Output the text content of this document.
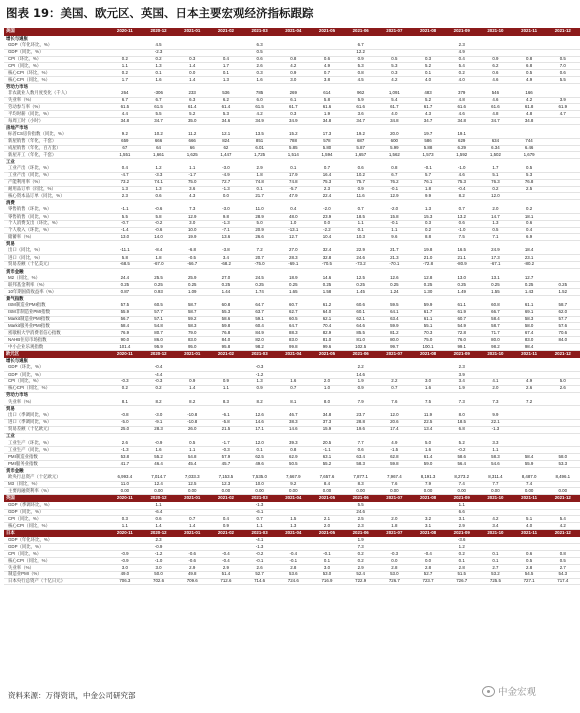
图表 19：美国、欧元区、英国、日本主要宏观经济指标跟踪
美国	2020-11	2020-12	2021-01	2021-02	2021-03	2021-04	2021-05	2021-06	2021-07	2021-08	2021-09	2021-10	2021-11	2021-12
增长与通胀														
GDP（年化环比，%）		4.5			6.3			6.7			2.3			
GDP（同比，%）		-2.3			0.5			12.2			4.9			
CPI（环比，%）	0.2	0.2	0.3	0.4	0.6	0.8	0.6	0.9	0.5	0.3	0.4	0.9	0.8	0.5
CPI（同比，%）	1.1	1.3	1.4	1.7	2.6	4.2	4.9	5.3	5.3	5.2	5.4	6.2	6.8	7.0
核心CPI（环比，%）	0.2	0.1	0.0	0.1	0.3	0.9	0.7	0.8	0.3	0.1	0.2	0.6	0.5	0.6
核心CPI（同比，%）	1.7	1.6	1.4	1.3	1.6	3.0	3.8	4.5	4.2	4.0	4.0	4.6	4.9	5.5
劳动力市场														
非农就业人数月度变化（千人）	264	-306	233	536	785	269	614	962	1,091	483	379	546	166	
失业率（%）	6.7	6.7	6.3	6.2	6.0	6.1	5.8	5.9	5.4	5.2	4.8	4.6	4.2	3.9
劳动参与率（%）	61.5	61.5	61.4	61.4	61.5	61.7	61.6	61.6	61.7	61.7	61.6	61.6	61.8	61.9
平均时薪（同比，%）	4.4	5.5	5.2	5.3	4.2	0.3	1.9	3.6	4.0	4.3	4.6	4.8	4.8	4.7
每周工时（小时）	34.8	34.7	35.0	34.6	34.9	34.9	34.8	34.7	34.8	34.7	34.8	34.7	34.8	
房地产市场														
标普CS房价指数（同比，%）	9.2	10.2	11.2	12.1	13.5	15.2	17.3	19.2	20.0	19.7	19.1			
新屋销售（年化，千套）	659	666	666	824	851	788	578	687	600	586	629	634	744	
成屋销售（年化，百万套）	67	64	66	62	6.01	5.85	5.80	5.87	5.99	5.88	6.29	6.34	6.46	
新屋开工（年化，千套）	1,551	1,661	1,625	1,447	1,725	1,514	1,594	1,657	1,562	1,573	1,592	1,502	1,679	
工业														
工业产出（环比，%）	0.4	1.2	1.1	-3.0	2.9	0.1	0.7	0.6	0.8	-0.1	-1.0	1.7	0.5	
工业产出（同比，%）	-4.7	-3.3	-1.7	-4.9	1.8	17.9	16.4	10.2	6.7	5.7	4.6	5.1	5.3	
产能利用率（%）	73.2	74.1	75.0	72.7	74.8	74.8	75.3	75.7	76.2	76.1	75.3	76.3	76.8	
耐用品订单（同比，%）	1.3	1.3	3.6	-1.3	0.1	-5.7	2.3	0.9	-0.1	1.8	-0.4	0.2	2.5	
核心资本品订单（同比，%）	2.3	0.6	4.3	0.0	21.7	47.9	22.4	11.6	12.9	9.9	8.2	12.0		
消费														
零售销售（环比，%）	-1.1	-0.6	7.3	-3.0	11.0	0.4	-2.0	0.7	-2.0	1.3	0.7	2.0	0.2	
零售销售（同比，%）	5.5	5.8	12.9	9.8	28.9	48.0	23.9	18.5	15.8	15.3	13.2	14.7	18.1	
个人消费支出（环比，%）	-0.7	-0.2	3.0	-1.3	5.0	1.0	0.0	1.1	-0.1	0.3	0.6	1.3	0.6	
个人收入（环比，%）	-1.4	-0.6	10.0	-7.1	20.9	-13.1	-2.2	0.1	1.1	0.2	-1.0	0.5	0.4	
储蓄率（%）	13.0	14.0	19.9	13.6	26.6	12.7	10.4	10.3	9.6	8.8	7.5	7.1	6.9	
贸易														
出口（同比，%）	-11.1	-8.4	-6.8	-3.8	7.2	27.0	32.4	22.9	21.7	19.8	16.5	24.9	18.4	
进口（同比，%）	5.8	1.8	-0.5	3.4	20.7	28.3	32.8	24.6	21.3	21.0	21.1	17.3	23.1	
贸易差额（十亿美元）	-68.5	-67.0	-66.7	-68.2	-75.0	-69.1	-70.5	-73.2	-70.1	-72.8	-80.9	-67.1	-80.2	
货币金融														
M2（同比，%）	24.4	25.5	25.9	27.0	24.5	18.9	14.6	12.5	12.6	12.8	13.0	13.1	12.7	
联邦基金利率（%）	0.25	0.25	0.25	0.25	0.25	0.25	0.25	0.25	0.25	0.25	0.25	0.25	0.25	0.25
10年期国债收益率（%）	0.87	0.93	1.09	1.44	1.74	1.65	1.58	1.45	1.24	1.30	1.49	1.55	1.43	1.52
景气指数														
ISM制造业PMI指数	57.5	60.5	58.7	60.8	64.7	60.7	61.2	60.6	59.5	59.9	61.1	60.8	61.1	58.7
ISM非制造业PMI指数	55.9	57.7	58.7	55.3	63.7	62.7	64.0	60.1	64.1	61.7	61.9	66.7	69.1	62.0
Markit制造业PMI指数	56.7	57.1	59.2	58.6	59.1	60.5	62.1	62.1	63.4	61.1	60.7	58.4	58.3	57.7
Markit服务业PMI指数	58.4	54.8	58.3	59.8	60.4	64.7	70.4	64.6	59.9	55.1	54.9	58.7	58.0	57.6
密歇根大学消费者信心指数	76.9	80.7	79.0	76.8	84.9	88.3	82.9	85.5	81.2	70.3	72.8	71.7	67.4	70.6
NAHB住房市场指数	90.0	86.0	83.0	84.0	82.0	83.0	81.0	81.0	80.0	75.0	76.0	80.0	83.0	84.0
中小企业乐观指数	101.4	95.9	95.0	95.8	98.2	99.8	99.6	102.5	99.7	100.1	99.1	98.2	98.4	
欧元区	2020-11	2020-12	2021-01	2021-02	2021-03	2021-04	2021-05	2021-06	2021-07	2021-08	2021-09	2021-10	2021-11	2021-12
增长与通胀														
GDP（环比，%）		-0.4			-0.3			2.2			2.3			
GDP（同比，%）		-4.4			-1.2			14.6			3.9			
CPI（同比，%）	-0.3	-0.3	0.9	0.9	1.3	1.6	2.0	1.9	2.2	3.0	3.4	4.1	4.9	5.0
核心CPI（同比，%）	0.2	0.2	1.4	1.1	0.9	0.7	1.0	0.9	0.7	1.6	1.9	2.0	2.6	2.6
劳动力市场														
失业率（%）	8.1	8.2	8.2	8.3	8.2	8.1	8.0	7.9	7.6	7.5	7.3	7.3	7.2	
贸易														
出口（季调同比，%）	-0.8	-3.0	-10.8	-6.1	12.6	46.7	34.8	23.7	12.0	11.9	8.0	9.9		
进口（季调同比，%）	-5.0	-9.1	-10.8	-5.8	14.6	38.3	37.3	28.8	20.6	22.5	18.5	22.1		
贸易差额（十亿欧元）	25.0	28.3	26.0	21.5	17.1	14.6	15.9	19.6	17.4	13.4	6.8	-1.3		
工业														
工业生产（环比，%）	2.6	-0.9	0.5	-1.7	12.0	39.3	20.5	7.7	4.9	5.0	5.2	3.3		
工业生产（同比，%）	-1.3	1.6	1.1	-0.3	0.1	0.8	-1.1	0.6	-1.5	1.6	-0.2	1.1		
PMI制造业指数	53.8	55.2	54.8	57.9	62.5	62.9	63.1	63.4	62.8	61.4	58.6	58.3	58.4	58.0
PMI服务业指数	41.7	46.4	45.4	45.7	49.6	50.5	55.2	58.3	59.8	59.0	56.4	54.6	55.9	53.3
货币金融														
欧央行总资产（十亿欧元）	6,993.4	7,014.7	7,033.3	7,153.5	7,535.0	7,667.9	7,657.6	7,877.1	7,967.4	8,191.3	8,273.2	8,311.4	8,487.0	8,496.1
M3（同比，%）	11.0	12.4	12.5	12.3	10.0	9.2	8.4	8.3	7.6	7.9	7.4	7.7	7.4	
主要再融资利率（%）	0.00	0.00	0.00	0.00	0.00	0.00	0.00	0.00	0.00	0.00	0.00	0.00	0.00	0.00
英国	2020-11	2020-12	2021-01	2021-02	2021-03	2021-04	2021-05	2021-06	2021-07	2021-08	2021-09	2021-10	2021-11	2021-12
GDP（季调环比，%）		1.1			-1.3			5.5			1.1			
GDP（同比，%）		-6.4			-6.1			24.6			6.6			
CPI（同比，%）	0.3	0.6	0.7	0.4	0.7	1.5	2.1	2.5	2.0	3.2	3.1	4.2	5.1	5.4
核心CPI（同比，%）	1.1	1.4	1.4	0.9	1.1	1.3	2.0	2.3	1.8	3.1	2.9	3.4	4.0	4.2
日本	2020-11	2020-12	2021-01	2021-02	2021-03	2021-04	2021-05	2021-06	2021-07	2021-08	2021-09	2021-10	2021-11	2021-12
GDP（年化环比，%）		2.3			-4.1			1.9			-3.6			
GDP（同比，%）		-0.9			-1.3			7.3			1.2			
CPI（同比，%）	-0.9	-1.2	-0.6	-0.4	-0.2	-0.4	-0.1	0.2	-0.3	-0.4	0.2	0.1	0.6	0.8
核心CPI（同比，%）	-0.9	-1.0	-0.6	-0.4	-0.1	-0.1	0.1	0.2	0.0	0.0	0.1	0.1	0.5	0.5
失业率（%）	3.0	3.0	2.9	2.9	2.6	2.8	3.0	2.9	2.8	2.8	2.8	2.7	2.8	2.7
制造业PMI（%）	49.0	50.0	49.8	51.4	52.7	53.6	53.0	52.4	53.0	52.7	51.5	53.2	54.5	54.3
日本央行总资产（十亿日元）	706.3	702.6	709.6	712.6	714.6	724.6	716.9	722.9	726.7	723.7	726.7	725.5	727.1	717.4
资料来源：万得资讯，中金公司研究部	中金宏观
